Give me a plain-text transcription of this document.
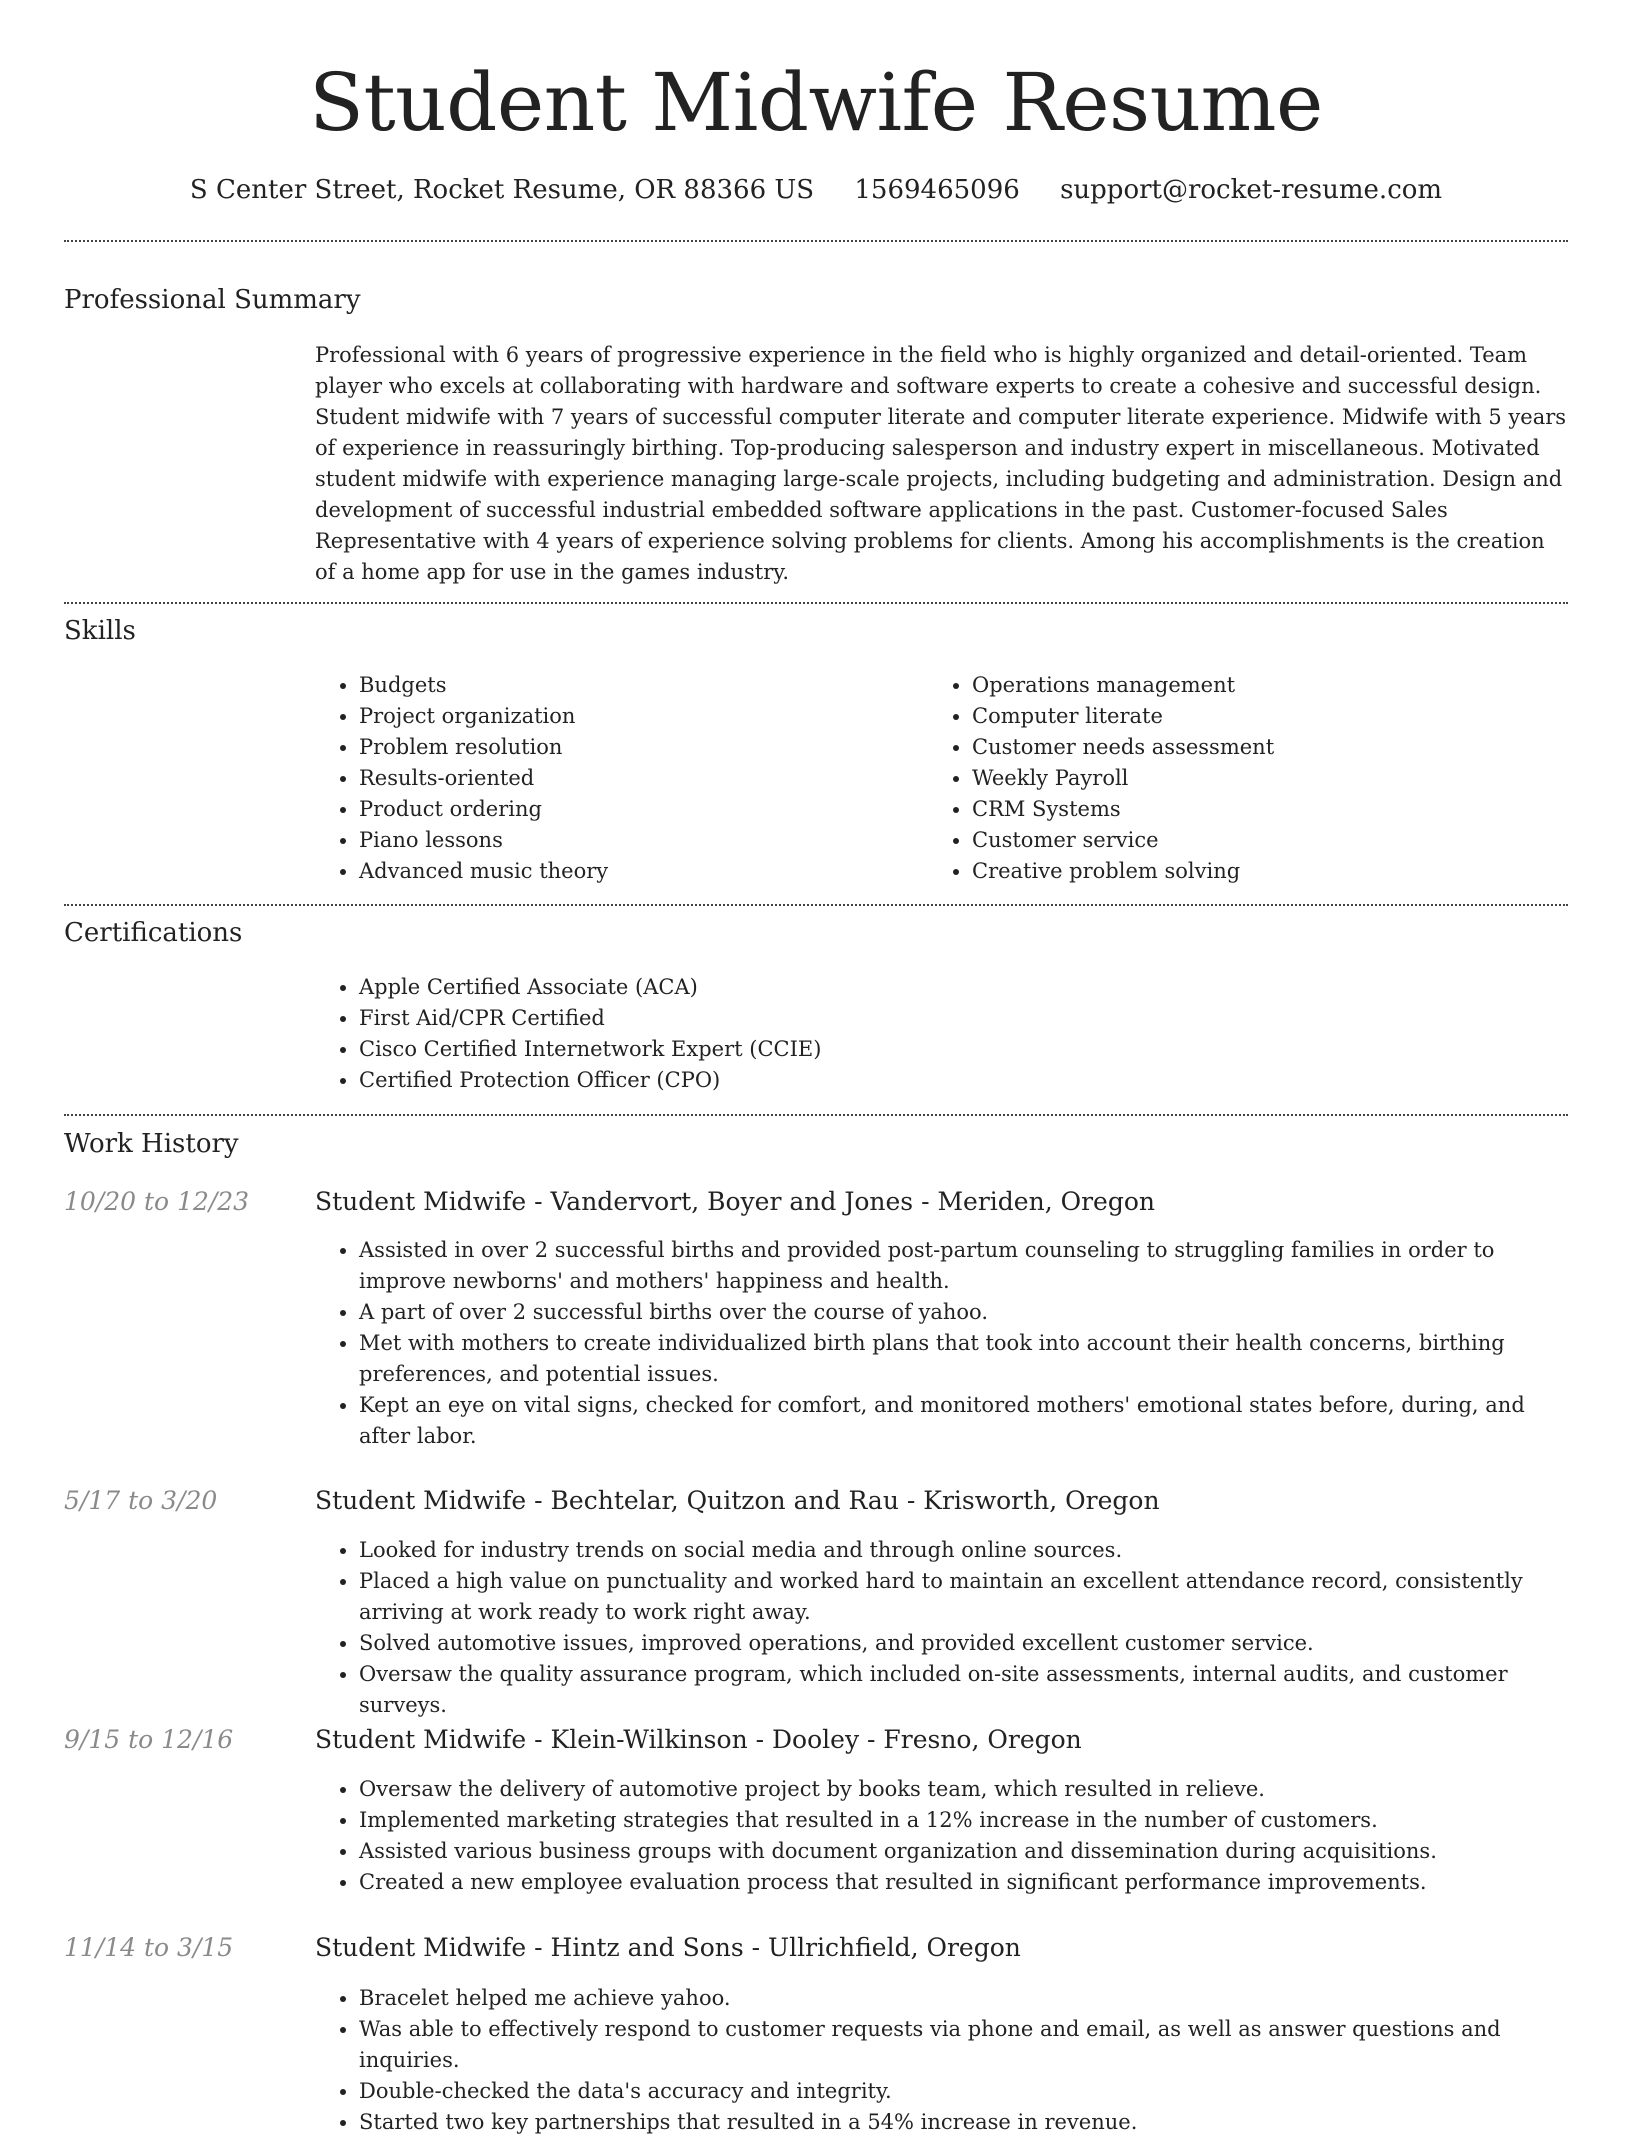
Student Midwife Resume
S Center Street, Rocket Resume, OR 88366 US 1569465096 support@rocket-resume.com
Professional Summary

Professional with 6 years of progressive experience in the field who is highly organized and detail-oriented. Team player who excels at collaborating with hardware and software experts to create a cohesive and successful design. Student midwife with 7 years of successful computer literate and computer literate experience. Midwife with 5 years of experience in reassuringly birthing. Top-producing salesperson and industry expert in miscellaneous. Motivated student midwife with experience managing large-scale projects, including budgeting and administration. Design and development of successful industrial embedded software applications in the past. Customer-focused Sales Representative with 4 years of experience solving problems for clients. Among his accomplishments is the creation of a home app for use in the games industry.

Skills
• Budgets
• Project organization
• Problem resolution
• Results-oriented
• Product ordering
• Piano lessons
• Advanced music theory
• Operations management
• Computer literate
• Customer needs assessment
• Weekly Payroll
• CRM Systems
• Customer service
• Creative problem solving
Certifications
• Apple Certified Associate (ACA)
• First Aid/CPR Certified
• Cisco Certified Internetwork Expert (CCIE)
• Certified Protection Officer (CPO)
Work History
10/20 to 12/23	Student Midwife - Vandervort, Boyer and Jones - Meriden, Oregon
• Assisted in over 2 successful births and provided post-partum counseling to struggling families in order to improve newborns' and mothers' happiness and health.
• A part of over 2 successful births over the course of yahoo.
• Met with mothers to create individualized birth plans that took into account their health concerns, birthing preferences, and potential issues.
• Kept an eye on vital signs, checked for comfort, and monitored mothers' emotional states before, during, and after labor.
5/17 to 3/20	Student Midwife - Bechtelar, Quitzon and Rau - Krisworth, Oregon
• Looked for industry trends on social media and through online sources.
• Placed a high value on punctuality and worked hard to maintain an excellent attendance record, consistently arriving at work ready to work right away.
• Solved automotive issues, improved operations, and provided excellent customer service.
• Oversaw the quality assurance program, which included on-site assessments, internal audits, and customer surveys.
9/15 to 12/16	Student Midwife - Klein-Wilkinson - Dooley - Fresno, Oregon
• Oversaw the delivery of automotive project by books team, which resulted in relieve.
• Implemented marketing strategies that resulted in a 12% increase in the number of customers.
• Assisted various business groups with document organization and dissemination during acquisitions.
• Created a new employee evaluation process that resulted in significant performance improvements.
11/14 to 3/15	Student Midwife - Hintz and Sons - Ullrichfield, Oregon
• Bracelet helped me achieve yahoo.
• Was able to effectively respond to customer requests via phone and email, as well as answer questions and inquiries.
• Double-checked the data's accuracy and integrity.
• Started two key partnerships that resulted in a 54% increase in revenue.
